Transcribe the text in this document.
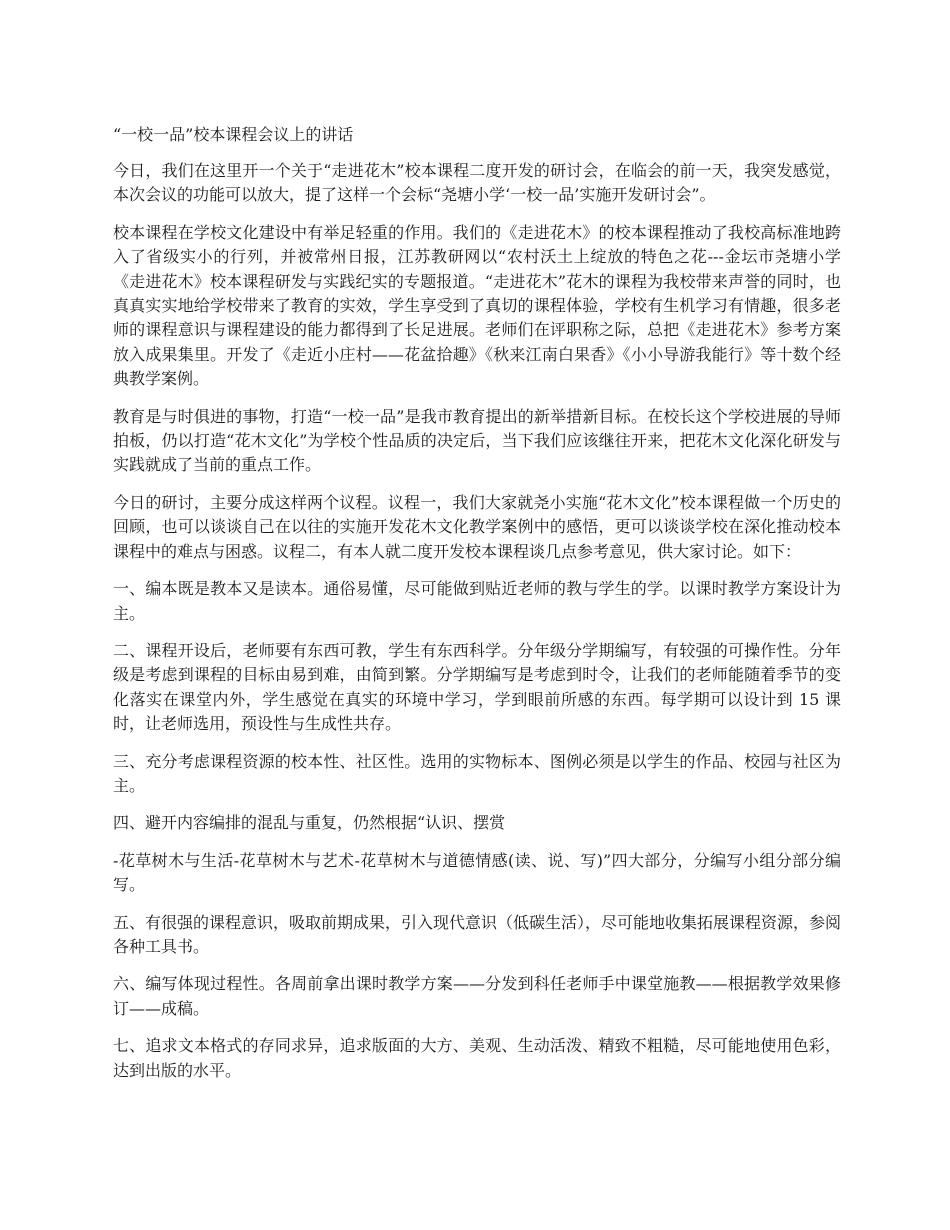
“一校一品”校本课程会议上的讲话

今日，我们在这里开一个关于“走进花木”校本课程二度开发的研讨会，在临会的前一天，我突发感觉，本次会议的功能可以放大，提了这样一个会标“尧塘小学‘一校一品’实施开发研讨会”。

校本课程在学校文化建设中有举足轻重的作用。我们的《走进花木》的校本课程推动了我校高标准地跨入了省级实小的行列，并被常州日报，江苏教研网以“农村沃土上绽放的特色之花---金坛市尧塘小学《走进花木》校本课程研发与实践纪实的专题报道。“走进花木”花木的课程为我校带来声誉的同时，也真真实实地给学校带来了教育的实效，学生享受到了真切的课程体验，学校有生机学习有情趣，很多老师的课程意识与课程建设的能力都得到了长足进展。老师们在评职称之际，总把《走进花木》参考方案放入成果集里。开发了《走近小庄村——花盆拾趣》《秋来江南白果香》《小小导游我能行》等十数个经典教学案例。

教育是与时俱进的事物，打造“一校一品”是我市教育提出的新举措新目标。在校长这个学校进展的导师拍板，仍以打造“花木文化”为学校个性品质的决定后，当下我们应该继往开来，把花木文化深化研发与实践就成了当前的重点工作。

今日的研讨，主要分成这样两个议程。议程一，我们大家就尧小实施“花木文化”校本课程做一个历史的回顾，也可以谈谈自己在以往的实施开发花木文化教学案例中的感悟，更可以谈谈学校在深化推动校本课程中的难点与困惑。议程二，有本人就二度开发校本课程谈几点参考意见，供大家讨论。如下：

一、编本既是教本又是读本。通俗易懂，尽可能做到贴近老师的教与学生的学。以课时教学方案设计为主。

二、课程开设后，老师要有东西可教，学生有东西科学。分年级分学期编写，有较强的可操作性。分年级是考虑到课程的目标由易到难，由简到繁。分学期编写是考虑到时令，让我们的老师能随着季节的变化落实在课堂内外，学生感觉在真实的环境中学习，学到眼前所感的东西。每学期可以设计到 15 课时，让老师选用，预设性与生成性共存。

三、充分考虑课程资源的校本性、社区性。选用的实物标本、图例必须是以学生的作品、校园与社区为主。

四、避开内容编排的混乱与重复，仍然根据“认识、摆赏

-花草树木与生活-花草树木与艺术-花草树木与道德情感(读、说、写)”四大部分，分编写小组分部分编写。

五、有很强的课程意识，吸取前期成果，引入现代意识（低碳生活），尽可能地收集拓展课程资源，参阅各种工具书。

六、编写体现过程性。各周前拿出课时教学方案——分发到科任老师手中课堂施教——根据教学效果修订——成稿。

七、追求文本格式的存同求异，追求版面的大方、美观、生动活泼、精致不粗糙，尽可能地使用色彩，达到出版的水平。
